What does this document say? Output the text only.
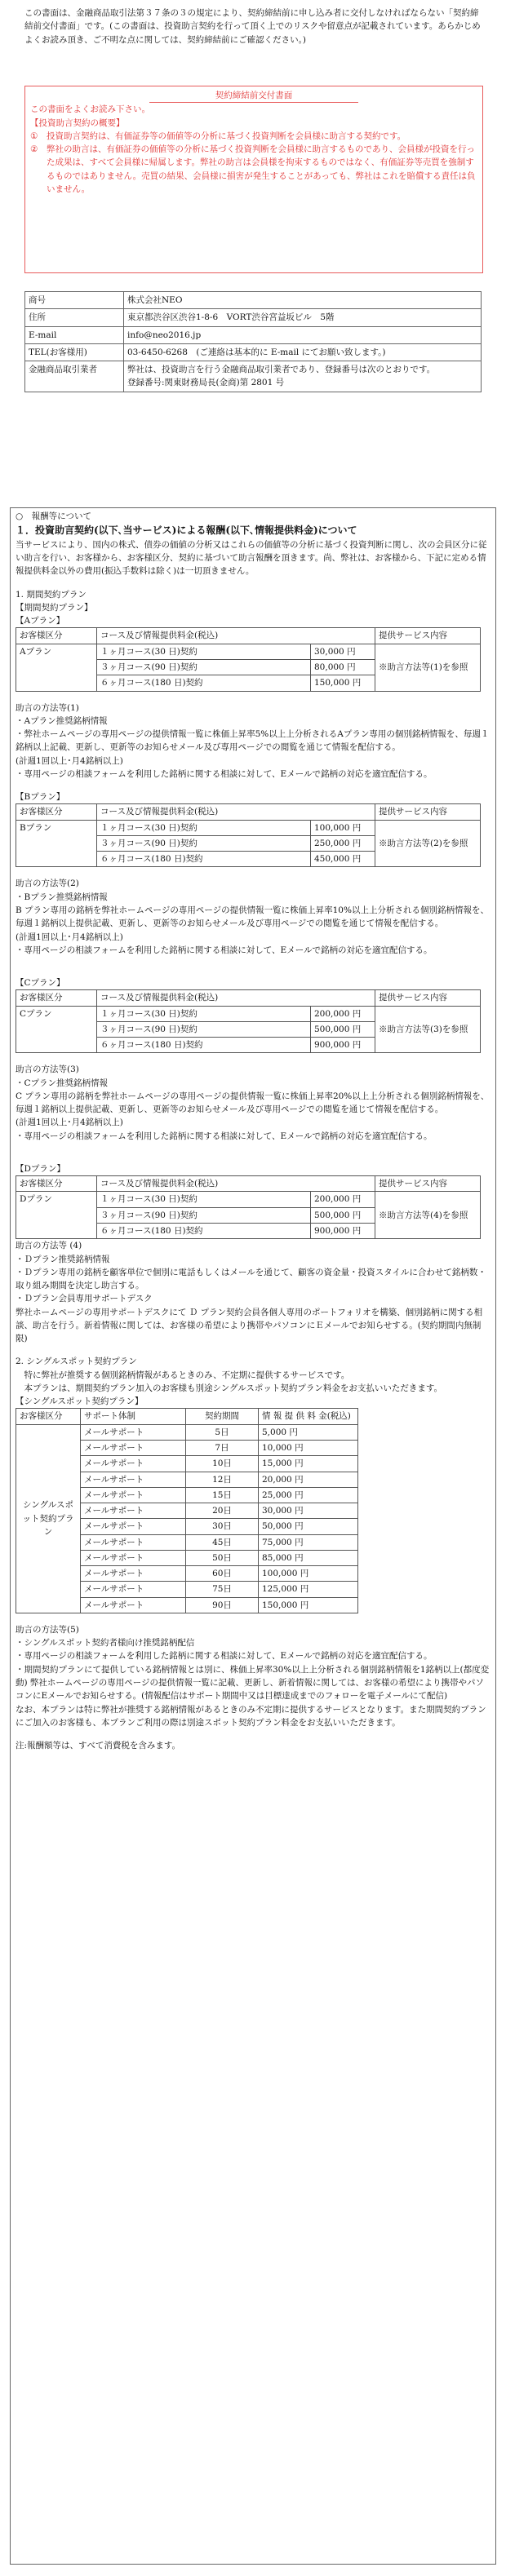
この書面は、金融商品取引法第３７条の３の規定により、契約締結前に申し込み者に交付しなければならない「契約締結前交付書面」です。(この書面は、投資助言契約を行って頂く上でのリスクや留意点が記載されています。あらかじめよくお読み頂き、ご不明な点に関しては、契約締結前にご確認ください。)

契約締結前交付書面
この書面をよくお読み下さい。
【投資助言契約の概要】
①	投資助言契約は、有価証券等の価値等の分析に基づく投資判断を会員様に助言する契約です。
②	弊社の助言は、有価証券の価値等の分析に基づく投資判断を会員様に助言するものであり、会員様が投資を行った成果は、すべて会員様に帰属します。弊社の助言は会員様を拘束するものではなく、有価証券等売買を強制するものではありません。売買の結果、会員様に損害が発生することがあっても、弊社はこれを賠償する責任は負いません。
商号	株式会社NEO
住所	東京都渋谷区渋谷1-8-6　VORT渋谷宮益坂ビル　5階
E-mail	info@neo2016.jp
TEL(お客様用)	03-6450-6268　(ご連絡は基本的に E-mail にてお願い致します。)
金融商品取引業者	弊社は、投資助言を行う金融商品取引業者であり、登録番号は次のとおりです。
登録番号:関東財務局長(金商)第 2801 号
○　報酬等について
１．投資助言契約(以下､当サービス)による報酬(以下､情報提供料金)について

当サービスにより、国内の株式、債券の価値の分析又はこれらの価値等の分析に基づく投資判断に関し、次の会員区分に従い助言を行い、お客様から、お客様区分、契約に基づいて助言報酬を頂きます。尚、弊社は、お客様から、下記に定める情報提供料金以外の費用(振込手数料は除く)は一切頂きません。

1. 期間契約プラン
【期間契約プラン】
【Aプラン】
お客様区分	コース及び情報提供料金(税込)		提供サービス内容
Aプラン	１ヶ月コース(30 日)契約	30,000 円	※助言方法等(1)を参照
	３ヶ月コース(90 日)契約	80,000 円	
	６ヶ月コース(180 日)契約	150,000 円	
助言の方法等(1)
・Aプラン推奨銘柄情報
・弊社ホームページの専用ページの提供情報一覧に株価上昇率5%以上上分析されるAプラン専用の個別銘柄情報を、毎週１銘柄以上記載、更新し、更新等のお知らせメール及び専用ページでの閲覧を通じて情報を配信する。
(計週1回以上･月4銘柄以上)
・専用ページの相談フォームを利用した銘柄に関する相談に対して、Eメールで銘柄の対応を適宜配信する。
【Bプラン】
お客様区分	コース及び情報提供料金(税込)		提供サービス内容
Bプラン	１ヶ月コース(30 日)契約	100,000 円	※助言方法等(2)を参照
	３ヶ月コース(90 日)契約	250,000 円	
	６ヶ月コース(180 日)契約	450,000 円	
助言の方法等(2)
・Bプラン推奨銘柄情報
B プラン専用の銘柄を弊社ホームページの専用ページの提供情報一覧に株価上昇率10%以上上分析される個別銘柄情報を、毎週１銘柄以上提供記載、更新し、更新等のお知らせメール及び専用ページでの閲覧を通じて情報を配信する。
(計週1回以上･月4銘柄以上)
・専用ページの相談フォームを利用した銘柄に関する相談に対して、Eメールで銘柄の対応を適宜配信する。
【Cプラン】
お客様区分	コース及び情報提供料金(税込)		提供サービス内容
Cプラン	１ヶ月コース(30 日)契約	200,000 円	※助言方法等(3)を参照
	３ヶ月コース(90 日)契約	500,000 円	
	６ヶ月コース(180 日)契約	900,000 円	
助言の方法等(3)
・Cプラン推奨銘柄情報
C プラン専用の銘柄を弊社ホームページの専用ページの提供情報一覧に株価上昇率20%以上上分析される個別銘柄情報を、毎週１銘柄以上提供記載、更新し、更新等のお知らせメール及び専用ページでの閲覧を通じて情報を配信する。
(計週1回以上･月4銘柄以上)
・専用ページの相談フォームを利用した銘柄に関する相談に対して、Eメールで銘柄の対応を適宜配信する。
【Dプラン】
お客様区分	コース及び情報提供料金(税込)		提供サービス内容
Dプラン	１ヶ月コース(30 日)契約	200,000 円	※助言方法等(4)を参照
	３ヶ月コース(90 日)契約	500,000 円	
	６ヶ月コース(180 日)契約	900,000 円	
助言の方法等 (4)
・Ｄプラン推奨銘柄情報
・Ｄプラン専用の銘柄を顧客単位で個別に電話もしくはメールを通じて、顧客の資金量・投資スタイルに合わせて銘柄数・取り組み期間を決定し助言する。
・Ｄプラン会員専用サポートデスク
弊社ホームページの専用サポートデスクにて Ｄ プラン契約会員各個人専用のポートフォリオを構築、個別銘柄に関する相談、助言を行う。新着情報に関しては、お客様の希望により携帯やパソコンにＥメールでお知らせする。(契約期間内無制限)
2. シングルスポット契約プラン
特に弊社が推奨する個別銘柄情報があるときのみ、不定期に提供するサービスです。
本プランは、期間契約プラン加入のお客様も別途シングルスポット契約プラン料金をお支払いいただきます。
【シングルスポット契約プラン】
お客様区分	サポート体制	契約期間	情 報 提 供 料 金(税込)
シングルスポット契約プラン	メールサポート	5日	5,000 円
	メールサポート	7日	10,000 円
	メールサポート	10日	15,000 円
	メールサポート	12日	20,000 円
	メールサポート	15日	25,000 円
	メールサポート	20日	30,000 円
	メールサポート	30日	50,000 円
	メールサポート	45日	75,000 円
	メールサポート	50日	85,000 円
	メールサポート	60日	100,000 円
	メールサポート	75日	125,000 円
	メールサポート	90日	150,000 円
助言の方法等(5)
・シングルスポット契約者様向け推奨銘柄配信
・専用ページの相談フォームを利用した銘柄に関する相談に対して、Eメールで銘柄の対応を適宜配信する。
・期間契約プランにて提供している銘柄情報とは別に、株価上昇率30%以上上分析される個別銘柄情報を1銘柄以上(都度変動) 弊社ホームページの専用ページの提供情報一覧に記載、更新し、新着情報に関しては、お客様の希望により携帯やパソコンにEメールでお知らせする。(情報配信はサポート期間中又は目標達成までのフォローを電子メールにて配信)
なお、本プランは特に弊社が推奨する銘柄情報があるときのみ不定期に提供するサービスとなります。また期間契約プランにご加入のお客様も、本プランご利用の際は別途スポット契約プラン料金をお支払いいただきます。
注:報酬額等は、すべて消費税を含みます。
